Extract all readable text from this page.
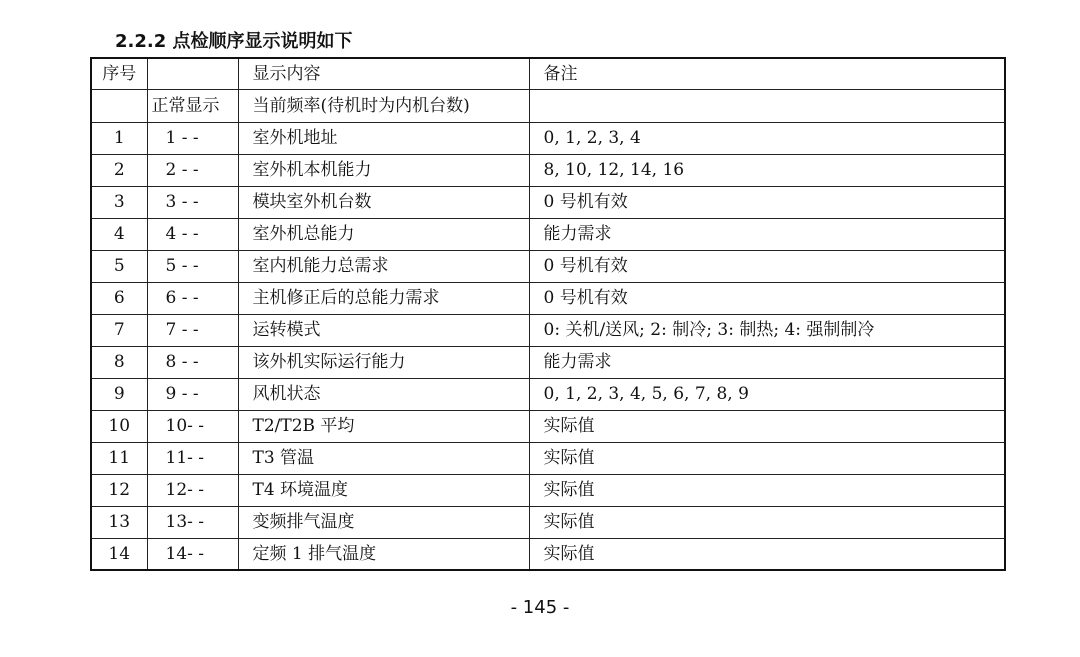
2.2.2 点检顺序显示说明如下
序号		显示内容	备注
	正常显示	当前频率(待机时为内机台数)	
1	1 - -	室外机地址	0, 1, 2, 3, 4
2	2 - -	室外机本机能力	8, 10, 12, 14, 16
3	3 - -	模块室外机台数	0 号机有效
4	4 - -	室外机总能力	能力需求
5	5 - -	室内机能力总需求	0 号机有效
6	6 - -	主机修正后的总能力需求	0 号机有效
7	7 - -	运转模式	0: 关机/送风; 2: 制冷; 3: 制热; 4: 强制制冷
8	8 - -	该外机实际运行能力	能力需求
9	9 - -	风机状态	0, 1, 2, 3, 4, 5, 6, 7, 8, 9
10	10- -	T2/T2B 平均	实际值
11	11- -	T3 管温	实际值
12	12- -	T4 环境温度	实际值
13	13- -	变频排气温度	实际值
14	14- -	定频 1 排气温度	实际值
- 145 -
